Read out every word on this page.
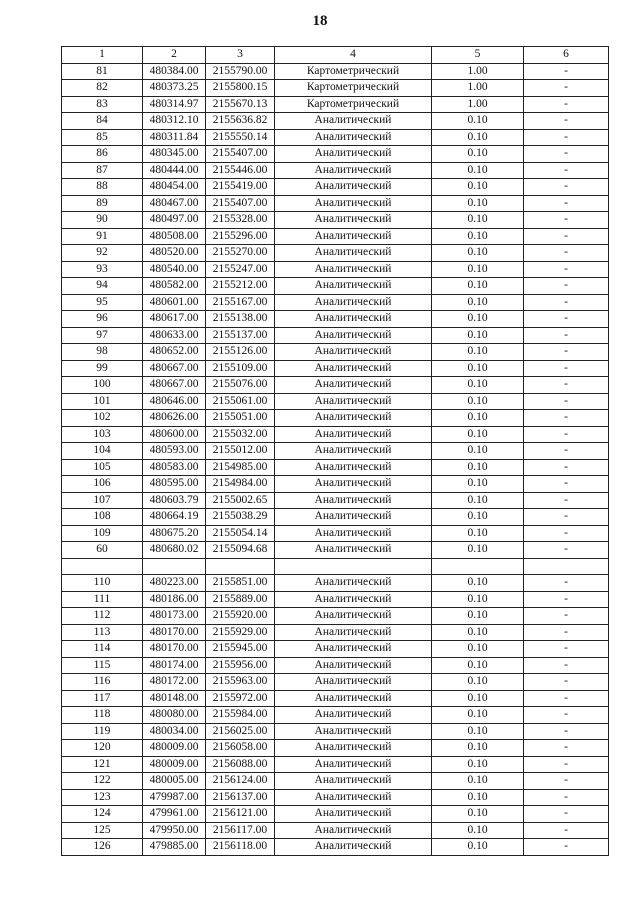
18
1	2	3	4	5	6
81	480384.00	2155790.00	Картометрический	1.00	-
82	480373.25	2155800.15	Картометрический	1.00	-
83	480314.97	2155670.13	Картометрический	1.00	-
84	480312.10	2155636.82	Аналитический	0.10	-
85	480311.84	2155550.14	Аналитический	0.10	-
86	480345.00	2155407.00	Аналитический	0.10	-
87	480444.00	2155446.00	Аналитический	0.10	-
88	480454.00	2155419.00	Аналитический	0.10	-
89	480467.00	2155407.00	Аналитический	0.10	-
90	480497.00	2155328.00	Аналитический	0.10	-
91	480508.00	2155296.00	Аналитический	0.10	-
92	480520.00	2155270.00	Аналитический	0.10	-
93	480540.00	2155247.00	Аналитический	0.10	-
94	480582.00	2155212.00	Аналитический	0.10	-
95	480601.00	2155167.00	Аналитический	0.10	-
96	480617.00	2155138.00	Аналитический	0.10	-
97	480633.00	2155137.00	Аналитический	0.10	-
98	480652.00	2155126.00	Аналитический	0.10	-
99	480667.00	2155109.00	Аналитический	0.10	-
100	480667.00	2155076.00	Аналитический	0.10	-
101	480646.00	2155061.00	Аналитический	0.10	-
102	480626.00	2155051.00	Аналитический	0.10	-
103	480600.00	2155032.00	Аналитический	0.10	-
104	480593.00	2155012.00	Аналитический	0.10	-
105	480583.00	2154985.00	Аналитический	0.10	-
106	480595.00	2154984.00	Аналитический	0.10	-
107	480603.79	2155002.65	Аналитический	0.10	-
108	480664.19	2155038.29	Аналитический	0.10	-
109	480675.20	2155054.14	Аналитический	0.10	-
60	480680.02	2155094.68	Аналитический	0.10	-

110	480223.00	2155851.00	Аналитический	0.10	-
111	480186.00	2155889.00	Аналитический	0.10	-
112	480173.00	2155920.00	Аналитический	0.10	-
113	480170.00	2155929.00	Аналитический	0.10	-
114	480170.00	2155945.00	Аналитический	0.10	-
115	480174.00	2155956.00	Аналитический	0.10	-
116	480172.00	2155963.00	Аналитический	0.10	-
117	480148.00	2155972.00	Аналитический	0.10	-
118	480080.00	2155984.00	Аналитический	0.10	-
119	480034.00	2156025.00	Аналитический	0.10	-
120	480009.00	2156058.00	Аналитический	0.10	-
121	480009.00	2156088.00	Аналитический	0.10	-
122	480005.00	2156124.00	Аналитический	0.10	-
123	479987.00	2156137.00	Аналитический	0.10	-
124	479961.00	2156121.00	Аналитический	0.10	-
125	479950.00	2156117.00	Аналитический	0.10	-
126	479885.00	2156118.00	Аналитический	0.10	-
